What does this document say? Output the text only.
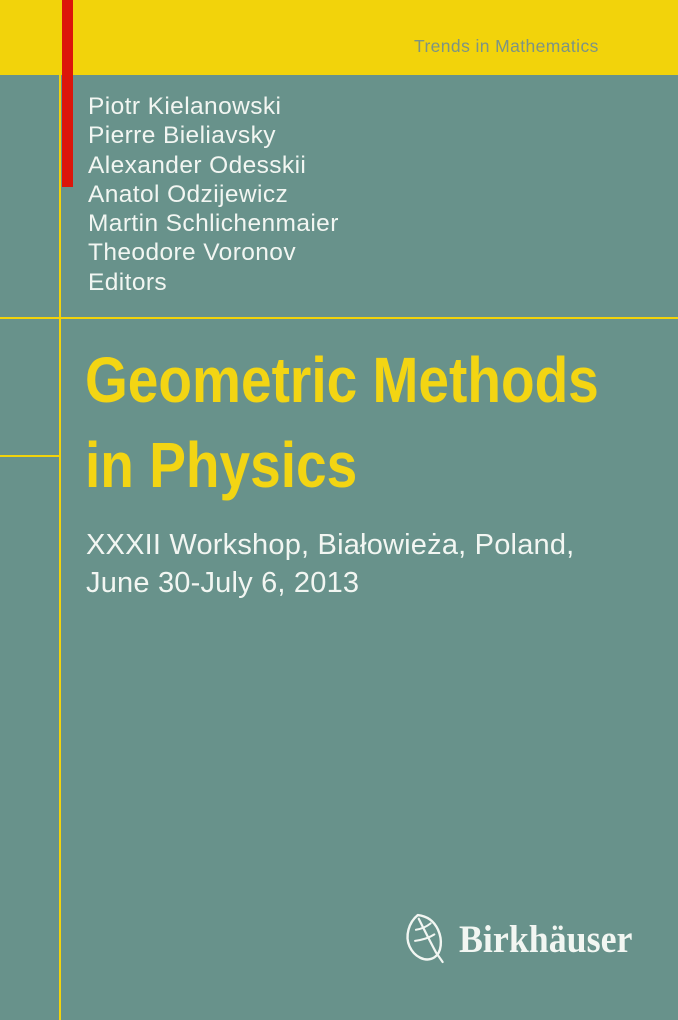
Trends in Mathematics
Piotr Kielanowski
Pierre Bieliavsky
Alexander Odesskii
Anatol Odzijewicz
Martin Schlichenmaier
Theodore Voronov
Editors
Geometric Methods
in Physics
XXXII Workshop, Białowieża, Poland,
June 30-July 6, 2013
Birkhäuser
